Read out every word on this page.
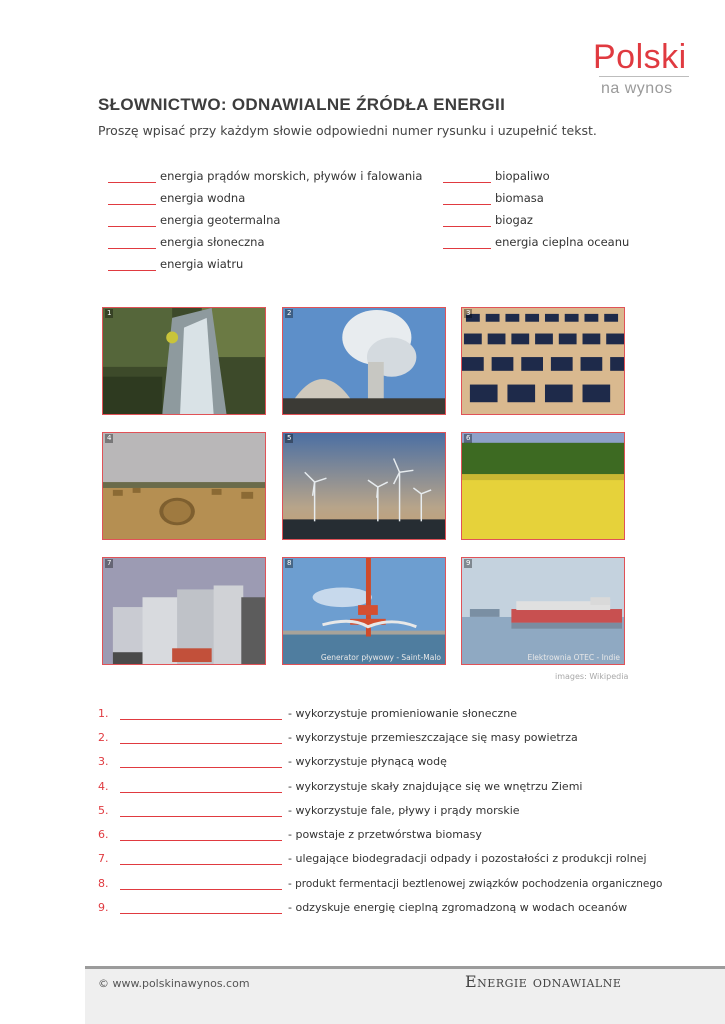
Polski
na wynos
SŁOWNICTWO: ODNAWIALNE ŹRÓDŁA ENERGII
Proszę wpisać przy każdym słowie odpowiedni numer rysunku i uzupełnić tekst.
energia prądów morskich, pływów i falowania
energia wodna
energia geotermalna
energia słoneczna
energia wiatru
biopaliwo
biomasa
biogaz
energia cieplna oceanu
1	2	3
4	5	6
7	8
Generator pływowy - Saint-Malo
9
Elektrownia OTEC - Indie
images: Wikipedia
1.	- wykorzystuje promieniowanie słoneczne
2.	- wykorzystuje przemieszczające się masy powietrza
3.	- wykorzystuje płynącą wodę
4.	- wykorzystuje skały znajdujące się we wnętrzu Ziemi
5.	- wykorzystuje fale, pływy i prądy morskie
6.	- powstaje z przetwórstwa biomasy
7.	- ulegające biodegradacji odpady i pozostałości z produkcji rolnej
8.	- produkt fermentacji beztlenowej związków pochodzenia organicznego
9.	- odzyskuje energię cieplną zgromadzoną w wodach oceanów
© www.polskinawynos.com	Energie odnawialne
